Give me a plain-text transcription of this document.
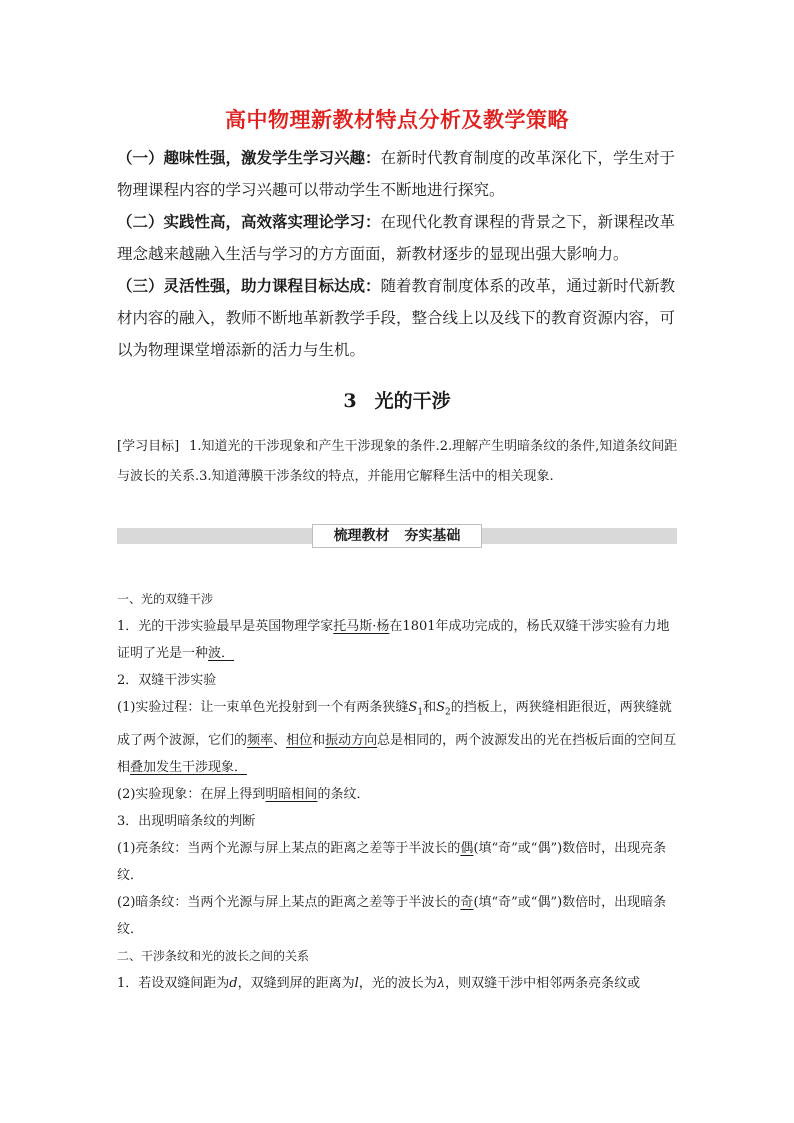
高中物理新教材特点分析及教学策略

（一）趣味性强，激发学生学习兴趣：在新时代教育制度的改革深化下，学生对于物理课程内容的学习兴趣可以带动学生不断地进行探究。

（二）实践性高，高效落实理论学习：在现代化教育课程的背景之下，新课程改革理念越来越融入生活与学习的方方面面，新教材逐步的显现出强大影响力。

（三）灵活性强，助力课程目标达成：随着教育制度体系的改革，通过新时代新教材内容的融入，教师不断地革新教学手段，整合线上以及线下的教育资源内容，可以为物理课堂增添新的活力与生机。

3 光的干涉
[学习目标] 1.知道光的干涉现象和产生干涉现象的条件.2.理解产生明暗条纹的条件,知道条纹间距与波长的关系.3.知道薄膜干涉条纹的特点，并能用它解释生活中的相关现象.
梳理教材 夯实基础

一、光的双缝干涉

1．光的干涉实验最早是英国物理学家托马斯·杨在1801年成功完成的，杨氏双缝干涉实验有力地证明了光是一种波．

2．双缝干涉实验

(1)实验过程：让一束单色光投射到一个有两条狭缝$S_1$和$S_2$的挡板上，两狭缝相距很近，两狭缝就成了两个波源，它们的频率、相位和振动方向总是相同的，两个波源发出的光在挡板后面的空间互相叠加发生干涉现象．

(2)实验现象：在屏上得到明暗相间的条纹．

3．出现明暗条纹的判断

(1)亮条纹：当两个光源与屏上某点的距离之差等于半波长的偶(填“奇”或“偶”)数倍时，出现亮条纹．

(2)暗条纹：当两个光源与屏上某点的距离之差等于半波长的奇(填“奇”或“偶”)数倍时，出现暗条纹．

二、干涉条纹和光的波长之间的关系

1．若设双缝间距为d，双缝到屏的距离为l，光的波长为λ，则双缝干涉中相邻两条亮条纹或
